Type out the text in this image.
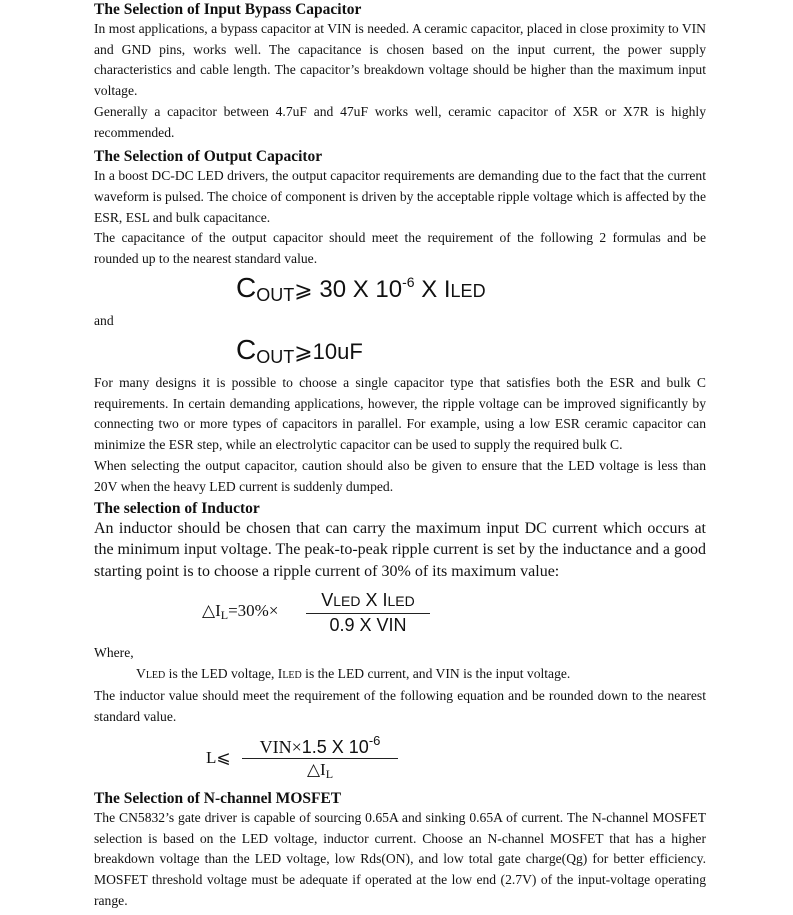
The Selection of Input Bypass Capacitor

In most applications, a bypass capacitor at VIN is needed. A ceramic capacitor, placed in close proximity to VIN and GND pins, works well. The capacitance is chosen based on the input current, the power supply characteristics and cable length. The capacitor’s breakdown voltage should be higher than the maximum input voltage.

Generally a capacitor between 4.7uF and 47uF works well, ceramic capacitor of X5R or X7R is highly recommended.

The Selection of Output Capacitor

In a boost DC-DC LED drivers, the output capacitor requirements are demanding due to the fact that the current waveform is pulsed. The choice of component is driven by the acceptable ripple voltage which is affected by the ESR, ESL and bulk capacitance.

The capacitance of the output capacitor should meet the requirement of the following 2 formulas and be rounded up to the nearest standard value.

$C_{OUT}⩾$ 30 X $10^{-6}$ X ILED

and

COUT⩾10uF

For many designs it is possible to choose a single capacitor type that satisfies both the ESR and bulk C requirements. In certain demanding applications, however, the ripple voltage can be improved significantly by connecting two or more types of capacitors in parallel. For example, using a low ESR ceramic capacitor can minimize the ESR step, while an electrolytic capacitor can be used to supply the required bulk C.

When selecting the output capacitor, caution should also be given to ensure that the LED voltage is less than 20V when the heavy LED current is suddenly dumped.

The selection of Inductor

An inductor should be chosen that can carry the maximum input DC current which occurs at the minimum input voltage. The peak-to-peak ripple current is set by the inductance and a good starting point is to choose a ripple current of 30% of its maximum value:

△IL=30%×
VLED X ILED
0.9 X VIN

Where,

VLED is the LED voltage, ILED is the LED current, and VIN is the input voltage.

The inductor value should meet the requirement of the following equation and be rounded down to the nearest standard value.

L⩽
VIN×1.5 X $10^{-6}$
△IL
The Selection of N-channel MOSFET

The CN5832’s gate driver is capable of sourcing 0.65A and sinking 0.65A of current. The N-channel MOSFET selection is based on the LED voltage, inductor current. Choose an N-channel MOSFET that has a higher breakdown voltage than the LED voltage, low Rds(ON), and low total gate charge(Qg) for better efficiency. MOSFET threshold voltage must be adequate if operated at the low end (2.7V) of the input-voltage operating range.
